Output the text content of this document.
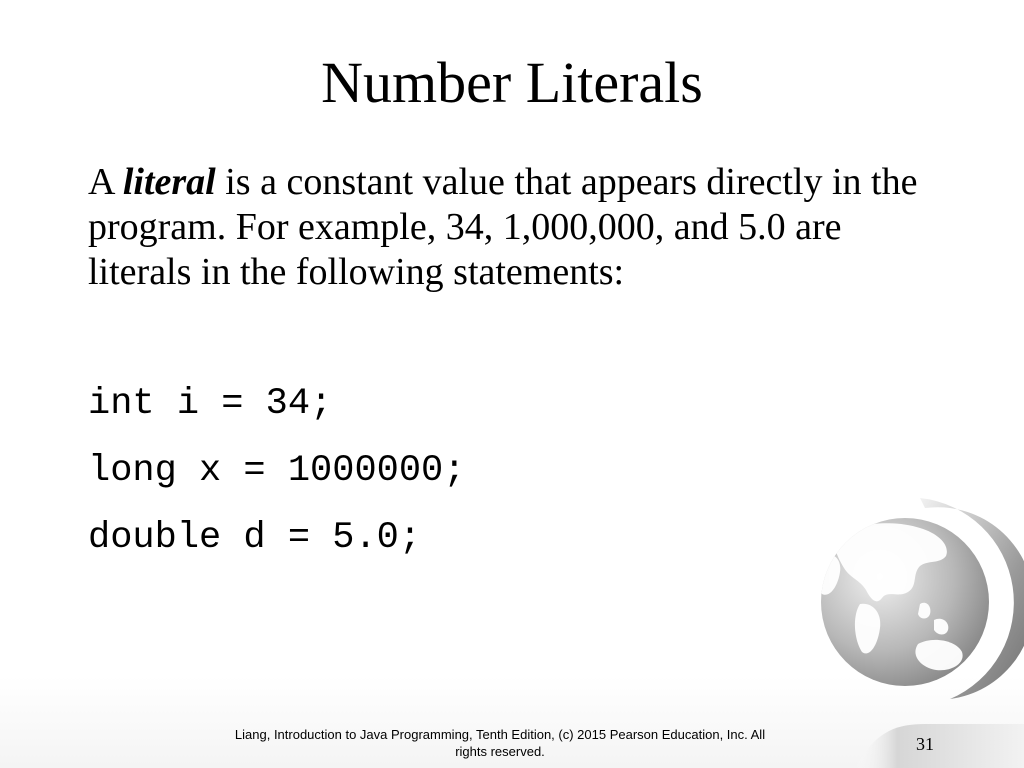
Number Literals
A literal is a constant value that appears directly in the program. For example, 34, 1,000,000, and 5.0 are literals in the following statements:
int i = 34;
long x = 1000000;
double d = 5.0;
Liang, Introduction to Java Programming, Tenth Edition, (c) 2015 Pearson Education, Inc. All
rights reserved.	31
